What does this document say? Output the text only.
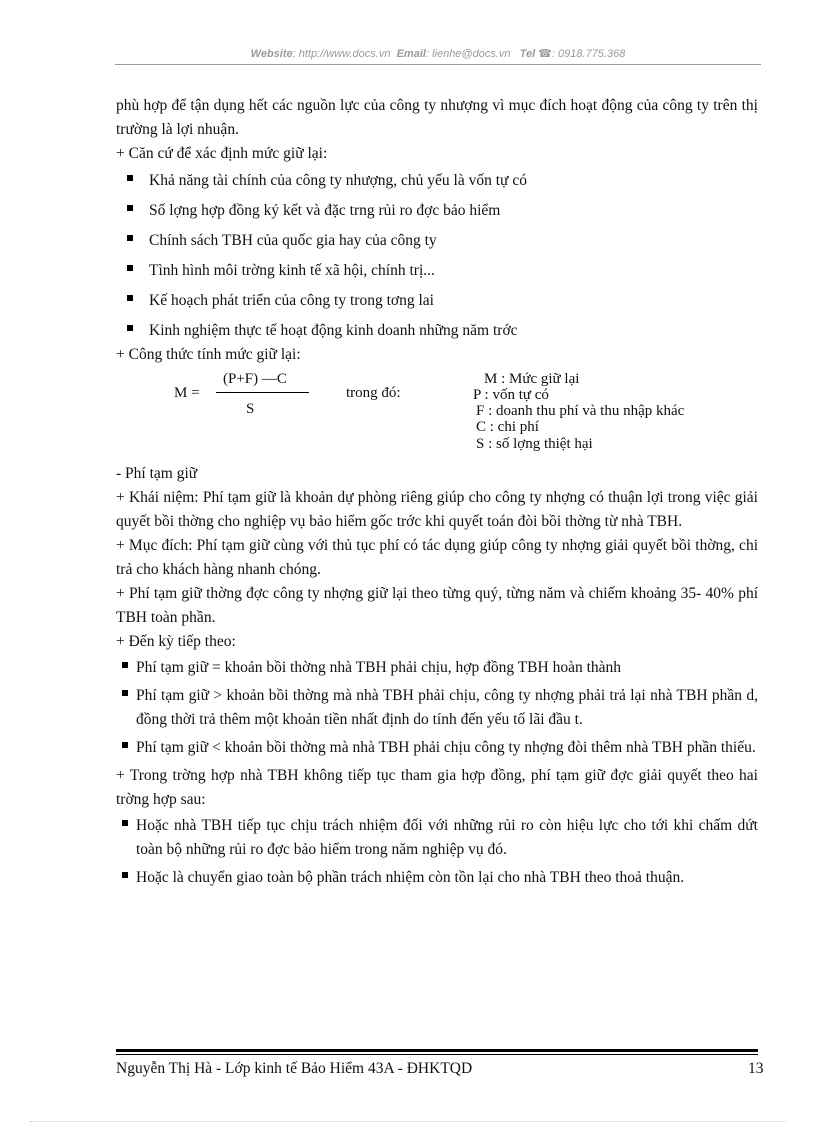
Website: http://www.docs.vn Email: lienhe@docs.vn Tel ☎: 0918.775.368

phù hợp để tận dụng hết các nguồn lực của công ty nhượng vì mục đích hoạt động của công ty trên thị trường là lợi nhuận.

+ Căn cứ để xác định mức giữ lại:

Khả năng tài chính của công ty nhượng, chủ yếu là vốn tự có
Số lợng hợp đồng ký kết và đặc trng rủi ro đợc bảo hiểm
Chính sách TBH của quốc gia hay của công ty
Tình hình môi trờng kinh tế xã hội, chính trị...
Kế hoạch phát triển của công ty trong tơng lai
Kinh nghiệm thực tế hoạt động kinh doanh những năm trớc

+ Công thức tính mức giữ lại:

(P+F) —C
M =
S
trong đó:
M : Mức giữ lại
P : vốn tự có
F : doanh thu phí và thu nhập khác
C : chi phí
S : số lợng thiệt hại

- Phí tạm giữ

+ Khái niệm: Phí tạm giữ là khoản dự phòng riêng giúp cho công ty nhợng có thuận lợi trong việc giải quyết bồi thờng cho nghiệp vụ bảo hiểm gốc trớc khi quyết toán đòi bồi thờng từ nhà TBH.

+ Mục đích: Phí tạm giữ cùng với thủ tục phí có tác dụng giúp công ty nhợng giải quyết bồi thờng, chi trả cho khách hàng nhanh chóng.

+ Phí tạm giữ thờng đợc công ty nhợng giữ lại theo từng quý, từng năm và chiếm khoảng 35- 40% phí TBH toàn phần.

+ Đến kỳ tiếp theo:

Phí tạm giữ = khoản bồi thờng nhà TBH phải chịu, hợp đồng TBH hoàn thành
Phí tạm giữ > khoản bồi thờng mà nhà TBH phải chịu, công ty nhợng phải trả lại nhà TBH phần d, đồng thời trả thêm một khoản tiền nhất định do tính đến yếu tố lãi đầu t.
Phí tạm giữ < khoản bồi thờng mà nhà TBH phải chịu công ty nhợng đòi thêm nhà TBH phần thiếu.

+ Trong trờng hợp nhà TBH không tiếp tục tham gia hợp đồng, phí tạm giữ đợc giải quyết theo hai trờng hợp sau:

Hoặc nhà TBH tiếp tục chịu trách nhiệm đối với những rủi ro còn hiệu lực cho tới khi chấm dứt toàn bộ những rủi ro đợc bảo hiểm trong năm nghiệp vụ đó.
Hoặc là chuyển giao toàn bộ phần trách nhiệm còn tồn lại cho nhà TBH theo thoả thuận.
Nguyễn Thị Hà - Lớp kinh tế Bảo Hiểm 43A - ĐHKTQD	13
